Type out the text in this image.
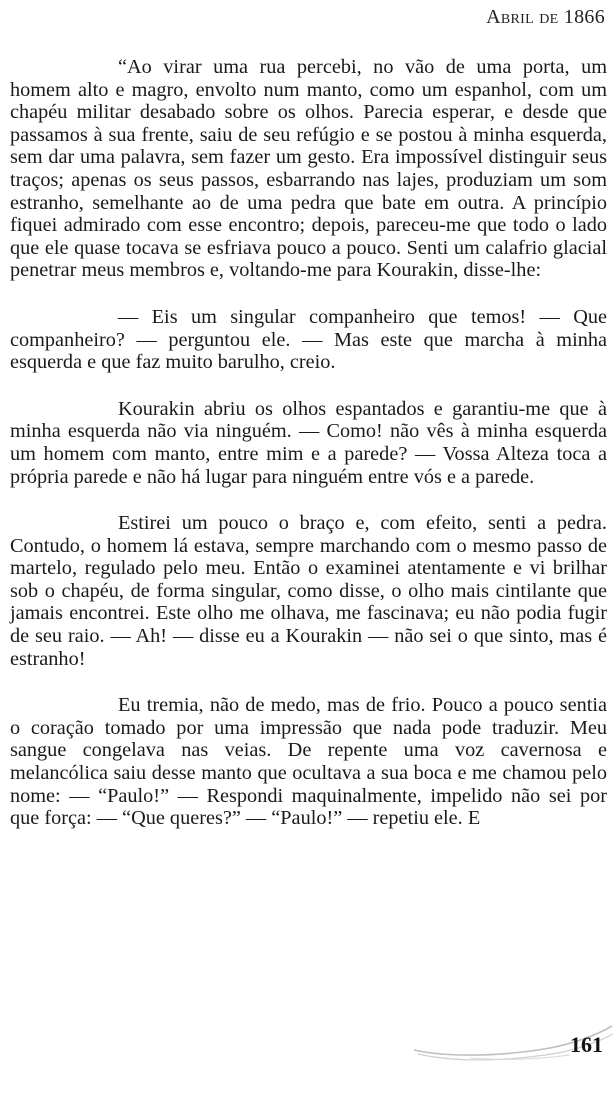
Abril de 1866

“Ao virar uma rua percebi, no vão de uma porta, um homem alto e magro, envolto num manto, como um espanhol, com um chapéu militar desabado sobre os olhos. Parecia esperar, e desde que passamos à sua frente, saiu de seu refúgio e se postou à minha esquerda, sem dar uma palavra, sem fazer um gesto. Era impossível distinguir seus traços; apenas os seus passos, esbarrando nas lajes, produziam um som estranho, semelhante ao de uma pedra que bate em outra. A princípio fiquei admirado com esse encontro; depois, pareceu-me que todo o lado que ele quase tocava se esfriava pouco a pouco. Senti um calafrio glacial penetrar meus membros e, voltando-me para Kourakin, disse-lhe:

— Eis um singular companheiro que temos! — Que companheiro? — perguntou ele. — Mas este que marcha à minha esquerda e que faz muito barulho, creio.

Kourakin abriu os olhos espantados e garantiu-me que à minha esquerda não via ninguém. — Como! não vês à minha esquerda um homem com manto, entre mim e a parede? — Vossa Alteza toca a própria parede e não há lugar para ninguém entre vós e a parede.

Estirei um pouco o braço e, com efeito, senti a pedra. Contudo, o homem lá estava, sempre marchando com o mesmo passo de martelo, regulado pelo meu. Então o examinei atentamente e vi brilhar sob o chapéu, de forma singular, como disse, o olho mais cintilante que jamais encontrei. Este olho me olhava, me fascinava; eu não podia fugir de seu raio. — Ah! — disse eu a Kourakin — não sei o que sinto, mas é estranho!

Eu tremia, não de medo, mas de frio. Pouco a pouco sentia o coração tomado por uma impressão que nada pode traduzir. Meu sangue congelava nas veias. De repente uma voz cavernosa e melancólica saiu desse manto que ocultava a sua boca e me chamou pelo nome: — “Paulo!” — Respondi maquinalmente, impelido não sei por que força: — “Que queres?” — “Paulo!” — repetiu ele. E

161
